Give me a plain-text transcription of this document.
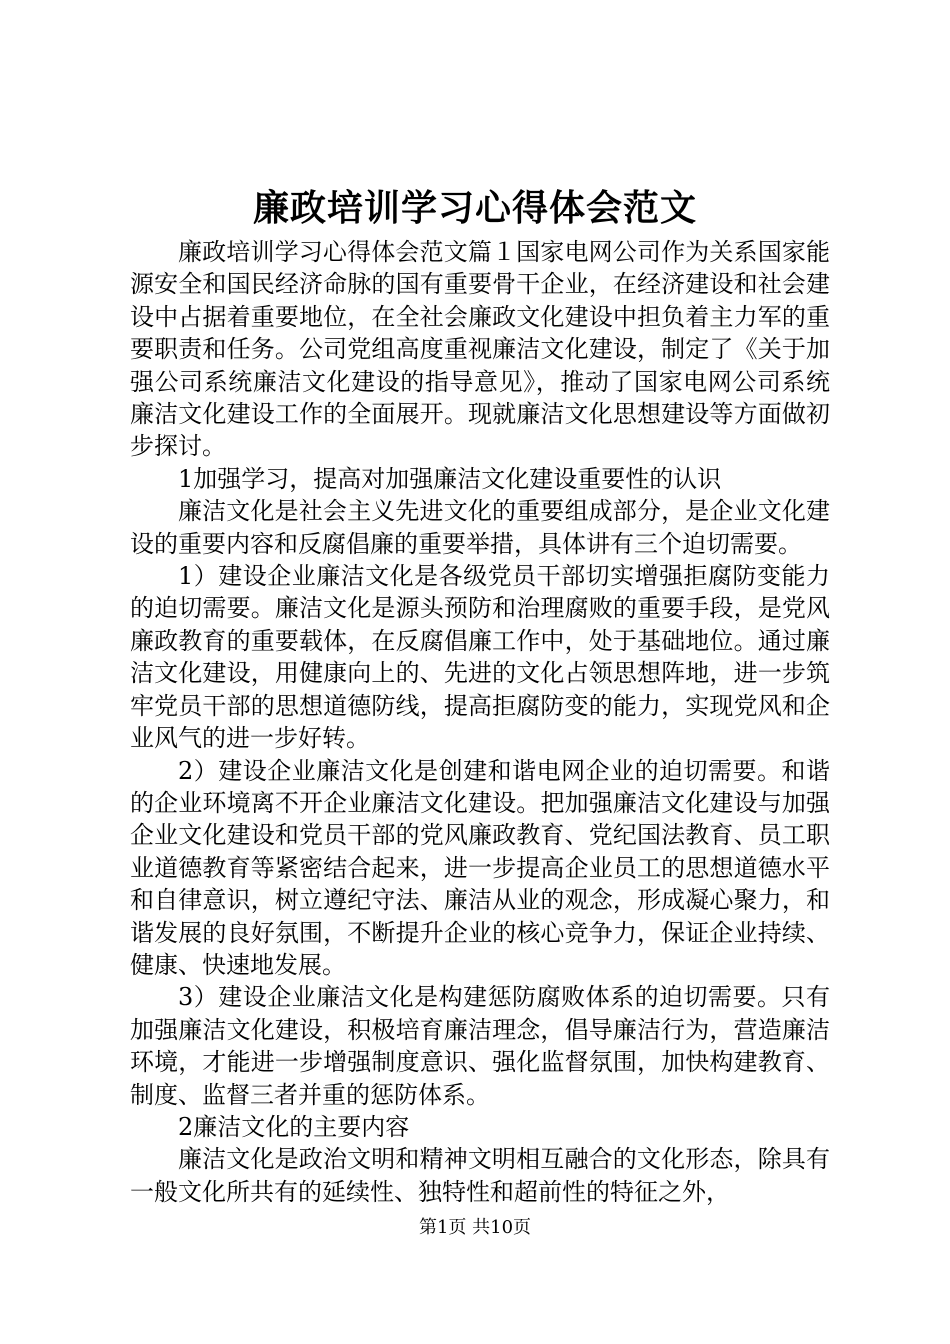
廉政培训学习心得体会范文

廉政培训学习心得体会范文篇１国家电网公司作为关系国家能源安全和国民经济命脉的国有重要骨干企业，在经济建设和社会建设中占据着重要地位，在全社会廉政文化建设中担负着主力军的重要职责和任务。公司党组高度重视廉洁文化建设，制定了《关于加强公司系统廉洁文化建设的指导意见》，推动了国家电网公司系统廉洁文化建设工作的全面展开。现就廉洁文化思想建设等方面做初步探讨。

1加强学习，提高对加强廉洁文化建设重要性的认识

廉洁文化是社会主义先进文化的重要组成部分，是企业文化建设的重要内容和反腐倡廉的重要举措，具体讲有三个迫切需要。

1）建设企业廉洁文化是各级党员干部切实增强拒腐防变能力的迫切需要。廉洁文化是源头预防和治理腐败的重要手段，是党风廉政教育的重要载体，在反腐倡廉工作中，处于基础地位。通过廉洁文化建设，用健康向上的、先进的文化占领思想阵地，进一步筑牢党员干部的思想道德防线，提高拒腐防变的能力，实现党风和企业风气的进一步好转。

2）建设企业廉洁文化是创建和谐电网企业的迫切需要。和谐的企业环境离不开企业廉洁文化建设。把加强廉洁文化建设与加强企业文化建设和党员干部的党风廉政教育、党纪国法教育、员工职业道德教育等紧密结合起来，进一步提高企业员工的思想道德水平和自律意识，树立遵纪守法、廉洁从业的观念，形成凝心聚力，和谐发展的良好氛围，不断提升企业的核心竞争力，保证企业持续、健康、快速地发展。

3）建设企业廉洁文化是构建惩防腐败体系的迫切需要。只有加强廉洁文化建设，积极培育廉洁理念，倡导廉洁行为，营造廉洁环境，才能进一步增强制度意识、强化监督氛围，加快构建教育、制度、监督三者并重的惩防体系。

2廉洁文化的主要内容

廉洁文化是政治文明和精神文明相互融合的文化形态，除具有一般文化所共有的延续性、独特性和超前性的特征之外，

第1页 共10页
